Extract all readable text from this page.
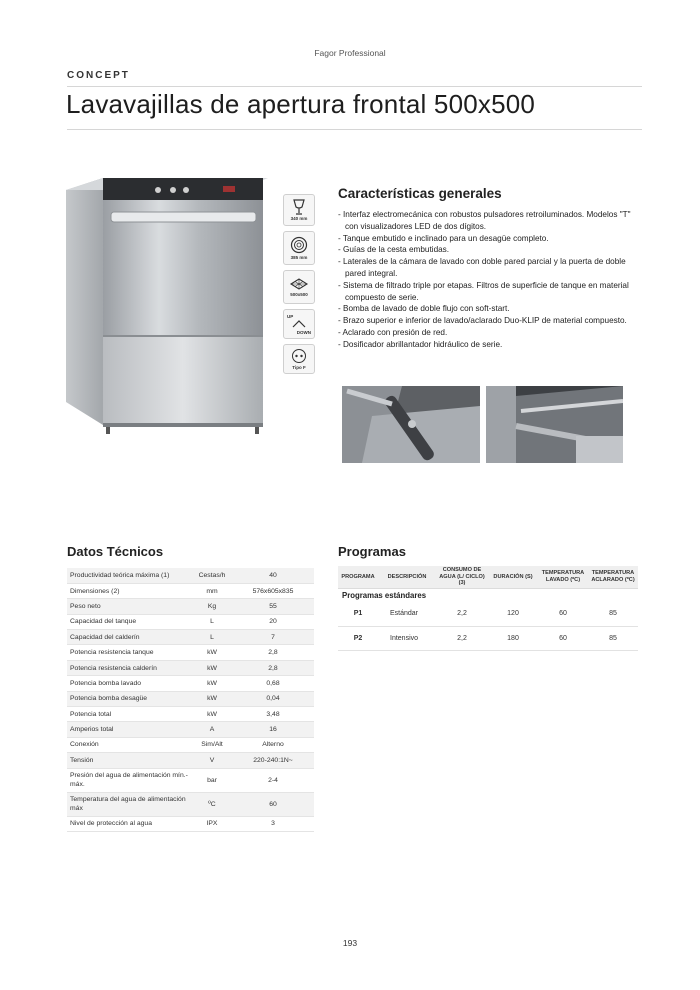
Fagor Professional
CONCEPT
Lavavajillas de apertura frontal 500x500
340 mm
385 mm
500x500
UP
DOWN
Tipo F
Características generales
- Interfaz electromecánica con robustos pulsadores retroiluminados. Modelos "T" con visualizadores LED de dos dígitos.
- Tanque embutido e inclinado para un desagüe completo.
- Guías de la cesta embutidas.
- Laterales de la cámara de lavado con doble pared parcial y la puerta de doble pared integral.
- Sistema de filtrado triple por etapas. Filtros de superficie de tanque en material compuesto de serie.
- Bomba de lavado de doble flujo con soft-start.
- Brazo superior e inferior de lavado/aclarado Duo-KLIP de material compuesto.
- Aclarado con presión de red.
- Dosificador abrillantador hidráulico de serie.
Datos Técnicos
Productividad teórica máxima (1)	Cestas/h	40
Dimensiones (2)	mm	576x605x835
Peso neto	Kg	55
Capacidad del tanque	L	20
Capacidad del calderín	L	7
Potencia resistencia tanque	kW	2,8
Potencia resistencia calderín	kW	2,8
Potencia bomba lavado	kW	0,68
Potencia bomba desagüe	kW	0,04
Potencia total	kW	3,48
Amperios total	A	16
Conexión	Sim/Alt	Alterno
Tensión	V	220-240:1N~
Presión del agua de alimentación mín.-máx.	bar	2-4
Temperatura del agua de alimentación máx	ºC	60
Nivel de protección al agua	IPX	3
Programas
PROGRAMA	DESCRIPCIÓN	CONSUMO DE AGUA (L/ CICLO) (3)	DURACIÓN (S)	TEMPERATURA LAVADO (ºC)	TEMPERATURA ACLARADO (ºC)
Programas estándares					
P1	Estándar	2,2	120	60	85
P2	Intensivo	2,2	180	60	85
193
